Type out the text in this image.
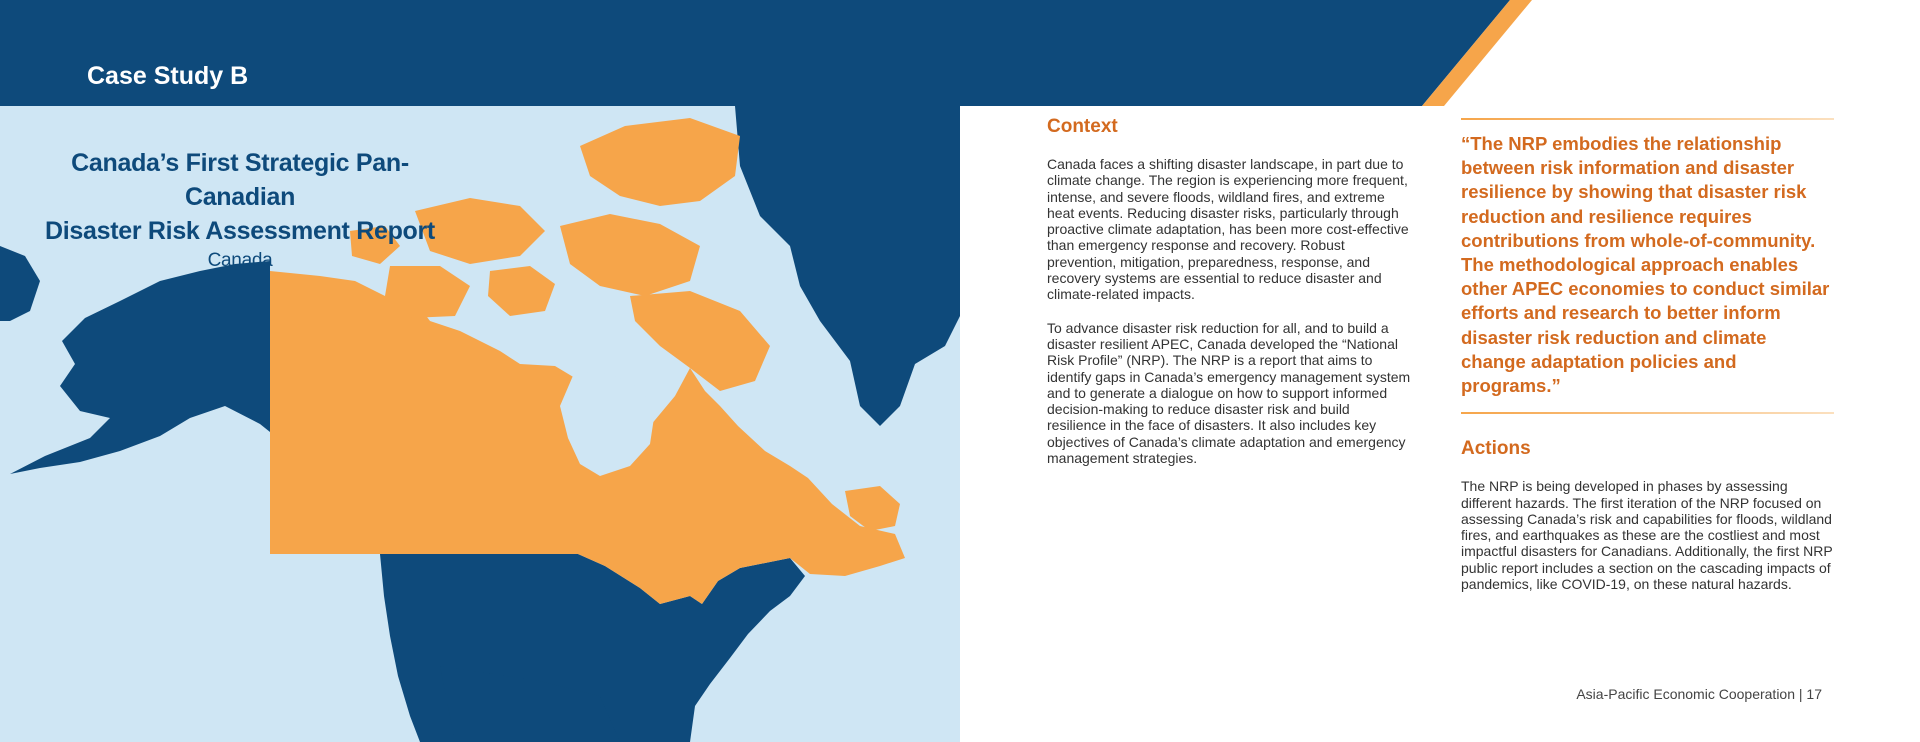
Case Study B
Canada’s First Strategic Pan-Canadian
Disaster Risk Assessment Report
Canada
Context

Canada faces a shifting disaster landscape, in part due to climate change. The region is experiencing more frequent, intense, and severe floods, wildland fires, and extreme heat events. Reducing disaster risks, particularly through proactive climate adaptation, has been more cost-effective than emergency response and recovery. Robust prevention, mitigation, preparedness, response, and recovery systems are essential to reduce disaster and climate-related impacts.

To advance disaster risk reduction for all, and to build a disaster resilient APEC, Canada developed the “National Risk Profile” (NRP). The NRP is a report that aims to identify gaps in Canada’s emergency management system and to generate a dialogue on how to support informed decision-making to reduce disaster risk and build resilience in the face of disasters. It also includes key objectives of Canada’s climate adaptation and emergency management strategies.

“The NRP embodies the relationship between risk information and disaster resilience by showing that disaster risk reduction and resilience requires contributions from whole-of-community. The methodological approach enables other APEC economies to conduct similar efforts and research to better inform disaster risk reduction and climate change adaptation policies and programs.”
Actions

The NRP is being developed in phases by assessing different hazards. The first iteration of the NRP focused on assessing Canada’s risk and capabilities for floods, wildland fires, and earthquakes as these are the costliest and most impactful disasters for Canadians. Additionally, the first NRP public report includes a section on the cascading impacts of pandemics, like COVID-19, on these natural hazards.

Asia-Pacific Economic Cooperation | 17
